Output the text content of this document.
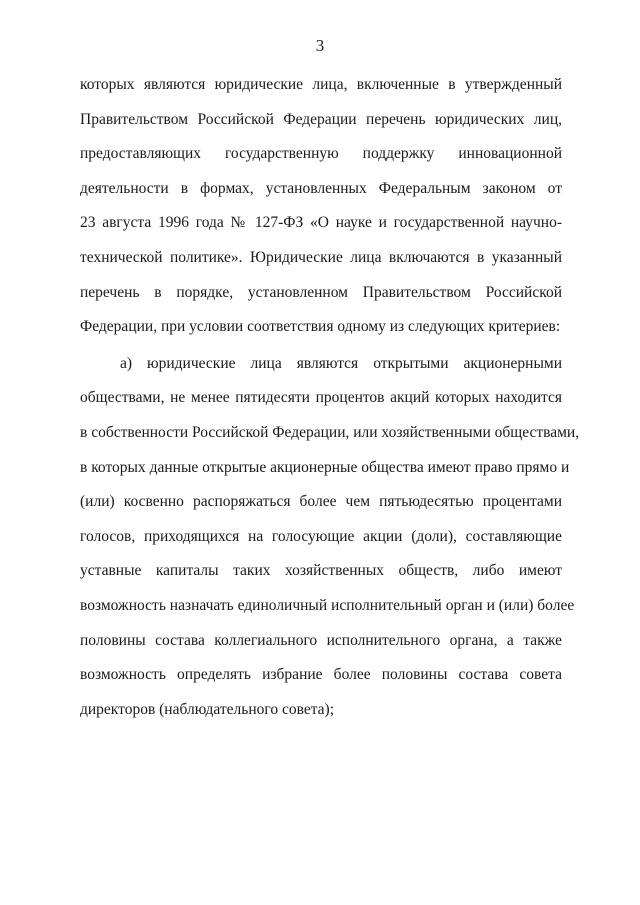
3
которых являются юридические лица, включенные в утвержденный
Правительством Российской Федерации перечень юридических лиц,
предоставляющих государственную поддержку инновационной
деятельности в формах, установленных Федеральным законом от
23 августа 1996 года № 127-ФЗ «О науке и государственной научно-
технической политике». Юридические лица включаются в указанный
перечень в порядке, установленном Правительством Российской
Федерации, при условии соответствия одному из следующих критериев:
а) юридические лица являются открытыми акционерными
обществами, не менее пятидесяти процентов акций которых находится
в собственности Российской Федерации, или хозяйственными обществами,
в которых данные открытые акционерные общества имеют право прямо и
(или) косвенно распоряжаться более чем пятьюдесятью процентами
голосов, приходящихся на голосующие акции (доли), составляющие
уставные капиталы таких хозяйственных обществ, либо имеют
возможность назначать единоличный исполнительный орган и (или) более
половины состава коллегиального исполнительного органа, а также
возможность определять избрание более половины состава совета
директоров (наблюдательного совета);
